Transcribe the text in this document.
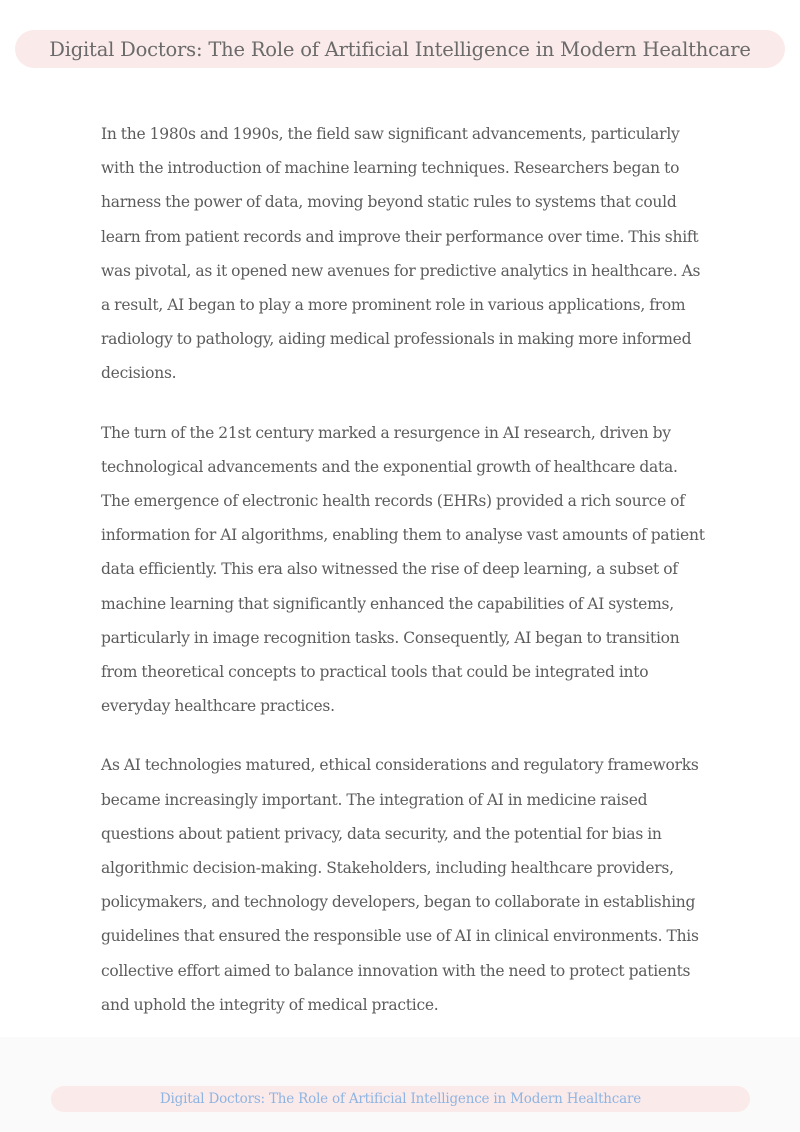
Digital Doctors: The Role of Artificial Intelligence in Modern Healthcare

In the 1980s and 1990s, the field saw significant advancements, particularly with the introduction of machine learning techniques. Researchers began to harness the power of data, moving beyond static rules to systems that could learn from patient records and improve their performance over time. This shift was pivotal, as it opened new avenues for predictive analytics in healthcare. As a result, AI began to play a more prominent role in various applications, from radiology to pathology, aiding medical professionals in making more informed decisions.

The turn of the 21st century marked a resurgence in AI research, driven by technological advancements and the exponential growth of healthcare data. The emergence of electronic health records (EHRs) provided a rich source of information for AI algorithms, enabling them to analyse vast amounts of patient data efficiently. This era also witnessed the rise of deep learning, a subset of machine learning that significantly enhanced the capabilities of AI systems, particularly in image recognition tasks. Consequently, AI began to transition from theoretical concepts to practical tools that could be integrated into everyday healthcare practices.

As AI technologies matured, ethical considerations and regulatory frameworks became increasingly important. The integration of AI in medicine raised questions about patient privacy, data security, and the potential for bias in algorithmic decision-making. Stakeholders, including healthcare providers, policymakers, and technology developers, began to collaborate in establishing guidelines that ensured the responsible use of AI in clinical environments. This collective effort aimed to balance innovation with the need to protect patients and uphold the integrity of medical practice.

Digital Doctors: The Role of Artificial Intelligence in Modern Healthcare
